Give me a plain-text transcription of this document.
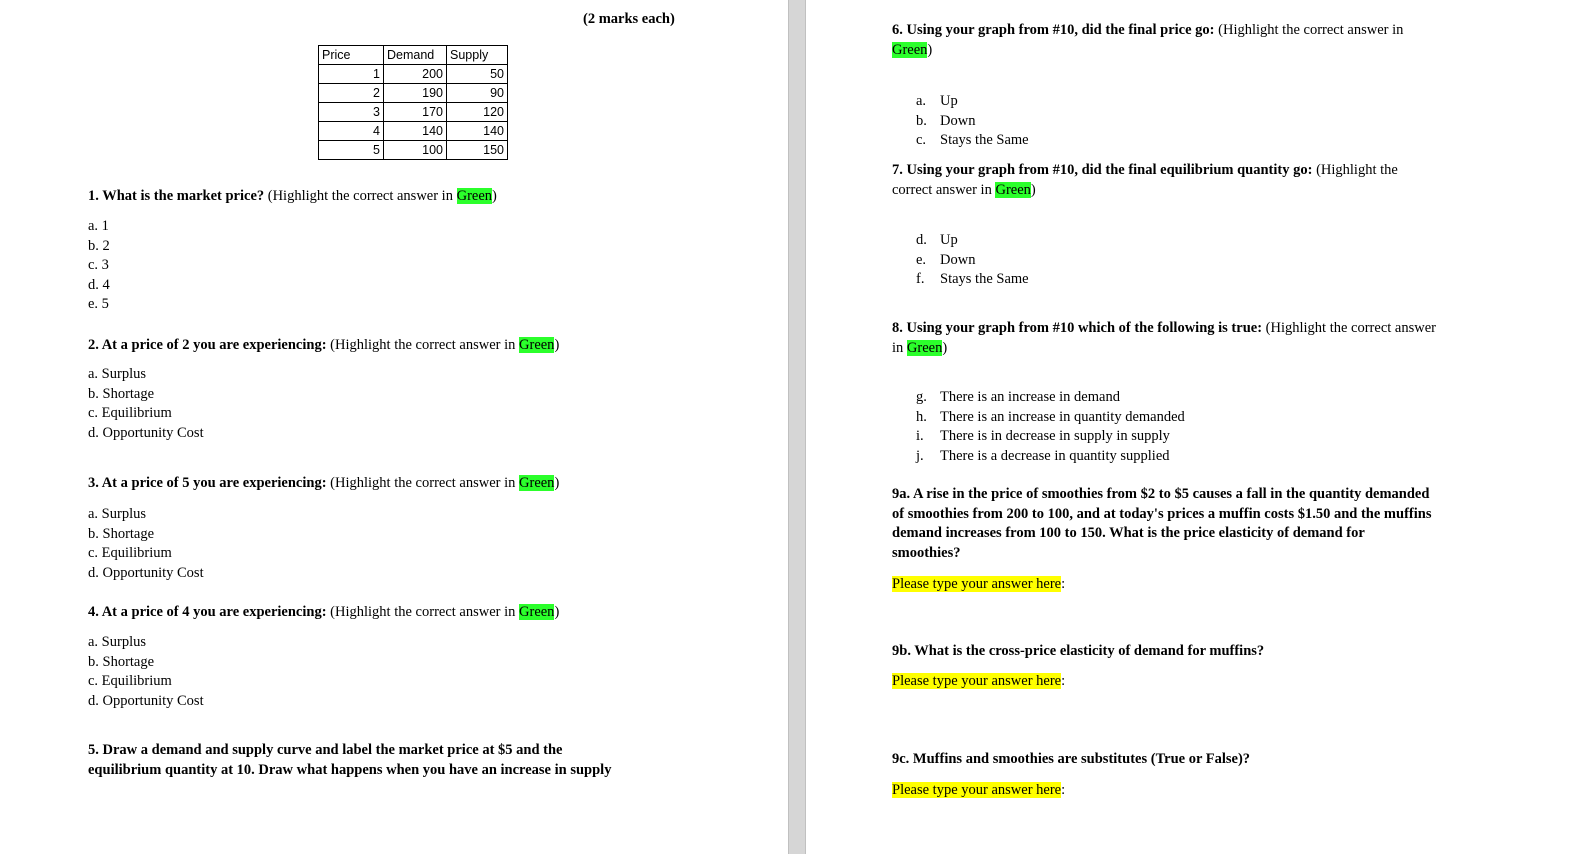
(2 marks each)
Price	Demand	Supply
1	200	50
2	190	90
3	170	120
4	140	140
5	100	150
1. What is the market price? (Highlight the correct answer in Green)
a. 1
b. 2
c. 3
d. 4
e. 5
2. At a price of 2 you are experiencing: (Highlight the correct answer in Green)
a. Surplus
b. Shortage
c. Equilibrium
d. Opportunity Cost
3. At a price of 5 you are experiencing: (Highlight the correct answer in Green)
a. Surplus
b. Shortage
c. Equilibrium
d. Opportunity Cost
4. At a price of 4 you are experiencing: (Highlight the correct answer in Green)
a. Surplus
b. Shortage
c. Equilibrium
d. Opportunity Cost
5. Draw a demand and supply curve and label the market price at $5 and the
equilibrium quantity at 10. Draw what happens when you have an increase in supply
6. Using your graph from #10, did the final price go: (Highlight the correct answer in
Green)
a. Up
b. Down
c. Stays the Same
7. Using your graph from #10, did the final equilibrium quantity go: (Highlight the
correct answer in Green)
d. Up
e. Down
f. Stays the Same
8. Using your graph from #10 which of the following is true: (Highlight the correct answer
in Green)
g. There is an increase in demand
h. There is an increase in quantity demanded
i. There is in decrease in supply in supply
j. There is a decrease in quantity supplied
9a. A rise in the price of smoothies from $2 to $5 causes a fall in the quantity demanded
of smoothies from 200 to 100, and at today's prices a muffin costs $1.50 and the muffins
demand increases from 100 to 150. What is the price elasticity of demand for
smoothies?
Please type your answer here:
9b. What is the cross-price elasticity of demand for muffins?
Please type your answer here:
9c. Muffins and smoothies are substitutes (True or False)?
Please type your answer here:
